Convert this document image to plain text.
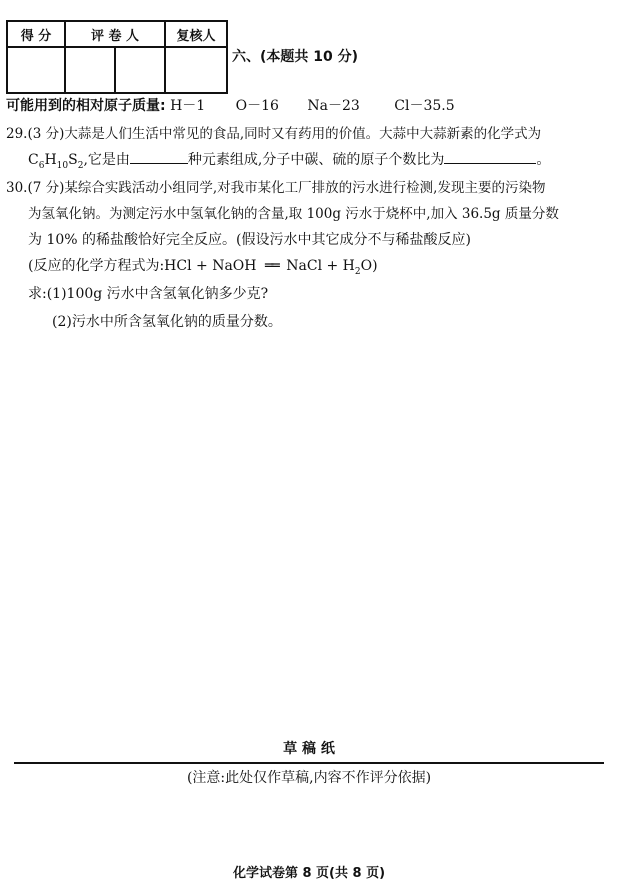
得 分	评 卷 人		复核人

六、(本题共 10 分)
可能用到的相对原子质量: H－1 O－16 Na－23 Cl－35.5
29.(3 分)大蒜是人们生活中常见的食品,同时又有药用的价值。大蒜中大蒜新素的化学式为
$C_6H_{10}S_2$,它是由	种元素组成,分子中碳、硫的原子个数比为	。
30.(7 分)某综合实践活动小组同学,对我市某化工厂排放的污水进行检测,发现主要的污染物
为氢氧化钠。为测定污水中氢氧化钠的含量,取 100g 污水于烧杯中,加入 36.5g 质量分数
为 10% 的稀盐酸恰好完全反应。(假设污水中其它成分不与稀盐酸反应)
(反应的化学方程式为:HCl + NaOH ══ NaCl + $H_2O$)
求:(1)100g 污水中含氢氧化钠多少克?
(2)污水中所含氢氧化钠的质量分数。
草 稿 纸
(注意:此处仅作草稿,内容不作评分依据)
化学试卷第 8 页(共 8 页)
